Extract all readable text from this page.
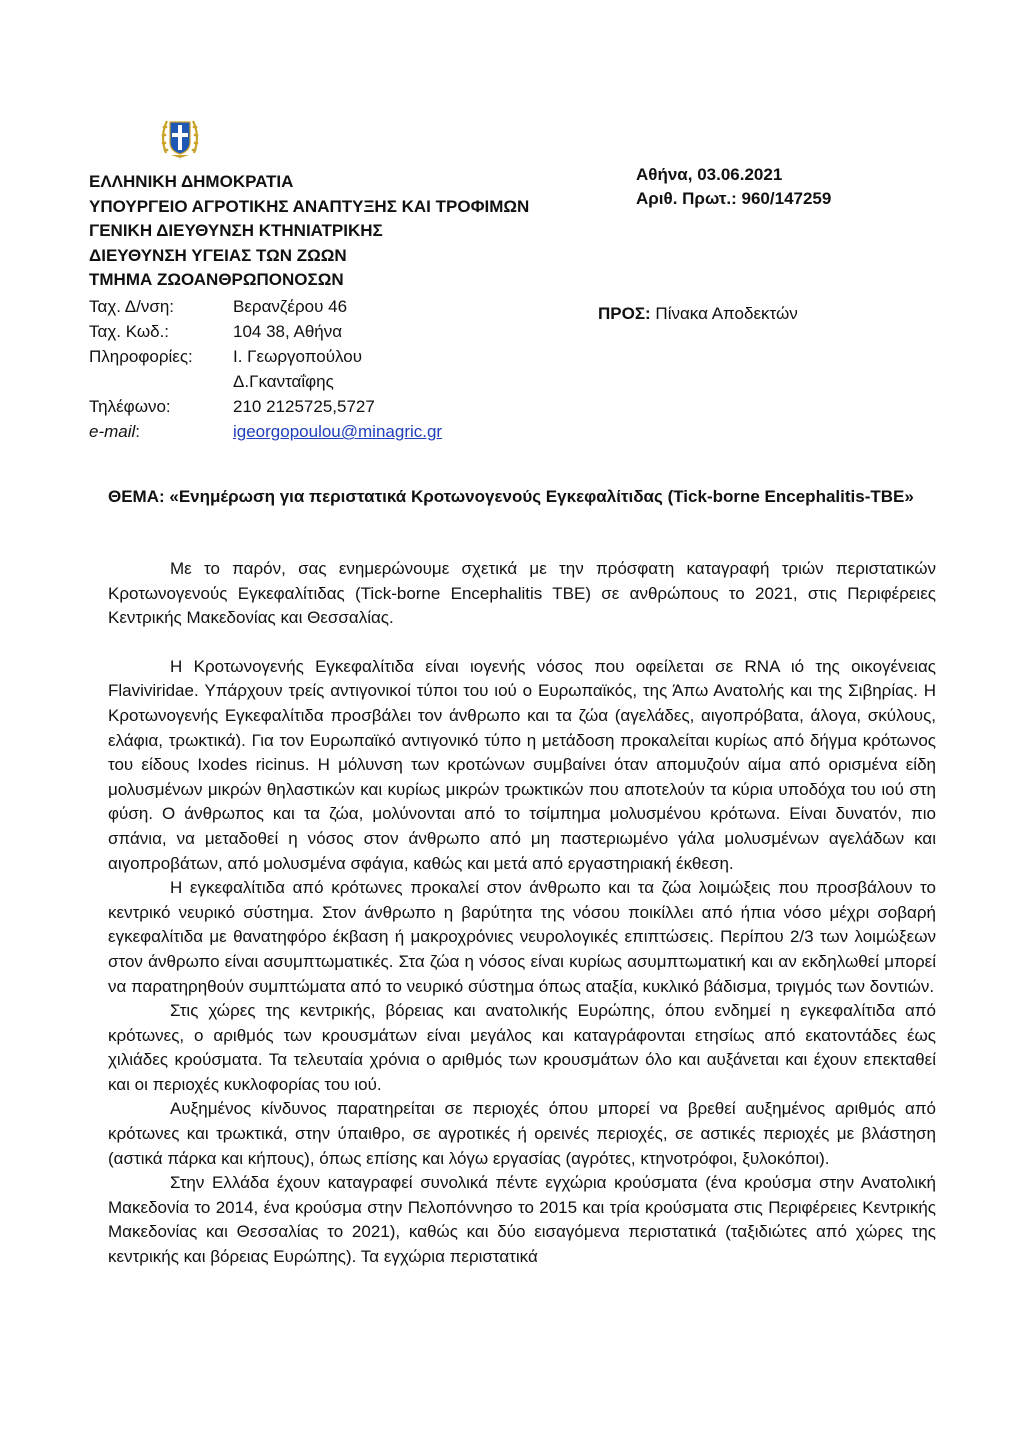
ΕΛΛΗΝΙΚΗ ΔΗΜΟΚΡΑΤΙΑ
ΥΠΟΥΡΓΕΙΟ ΑΓΡΟΤΙΚΗΣ ΑΝΑΠΤΥΞΗΣ ΚΑΙ ΤΡΟΦΙΜΩΝ
ΓΕΝΙΚΗ ΔΙΕΥΘΥΝΣΗ ΚΤΗΝΙΑΤΡΙΚΗΣ
ΔΙΕΥΘΥΝΣΗ ΥΓΕΙΑΣ ΤΩΝ ΖΩΩΝ
ΤΜΗΜΑ ΖΩΟΑΝΘΡΩΠΟΝΟΣΩΝ
Ταχ. Δ/νση:	Βερανζέρου 46
Ταχ. Κωδ.:	104 38, Αθήνα
Πληροφορίες:	Ι. Γεωργοπούλου
Δ.Γκανταΐφης
Τηλέφωνο:	210 2125725,5727
e-mail:	igeorgopoulou@minagric.gr
Αθήνα, 03.06.2021
Αριθ. Πρωτ.: 960/147259
ΠΡΟΣ: Πίνακα Αποδεκτών
ΘΕΜΑ: «Ενημέρωση για περιστατικά Κροτωνογενούς Εγκεφαλίτιδας (Tick-borne Encephalitis-TBE»

Με το παρόν, σας ενημερώνουμε σχετικά με την πρόσφατη καταγραφή τριών περιστατικών Κροτωνογενούς Εγκεφαλίτιδας (Tick-borne Encephalitis TBE) σε ανθρώπους το 2021, στις Περιφέρειες Κεντρικής Μακεδονίας και Θεσσαλίας.

Η Κροτωνογενής Εγκεφαλίτιδα είναι ιογενής νόσος που οφείλεται σε RNA ιό της οικογένειας Flaviviridae. Υπάρχουν τρείς αντιγονικοί τύποι του ιού ο Ευρωπαϊκός, της Άπω Ανατολής και της Σιβηρίας. Η Κροτωνογενής Εγκεφαλίτιδα προσβάλει τον άνθρωπο και τα ζώα (αγελάδες, αιγοπρόβατα, άλογα, σκύλους, ελάφια, τρωκτικά). Για τον Ευρωπαϊκό αντιγονικό τύπο η μετάδοση προκαλείται κυρίως από δήγμα κρότωνος του είδους Ixodes ricinus. Η μόλυνση των κροτώνων συμβαίνει όταν απομυζούν αίμα από ορισμένα είδη μολυσμένων μικρών θηλαστικών και κυρίως μικρών τρωκτικών που αποτελούν τα κύρια υποδόχα του ιού στη φύση. Ο άνθρωπος και τα ζώα, μολύνονται από το τσίμπημα μολυσμένου κρότωνα. Είναι δυνατόν, πιο σπάνια, να μεταδοθεί η νόσος στον άνθρωπο από μη παστεριωμένο γάλα μολυσμένων αγελάδων και αιγοπροβάτων, από μολυσμένα σφάγια, καθώς και μετά από εργαστηριακή έκθεση.

Η εγκεφαλίτιδα από κρότωνες προκαλεί στον άνθρωπο και τα ζώα λοιμώξεις που προσβάλουν το κεντρικό νευρικό σύστημα. Στον άνθρωπο η βαρύτητα της νόσου ποικίλλει από ήπια νόσο μέχρι σοβαρή εγκεφαλίτιδα με θανατηφόρο έκβαση ή μακροχρόνιες νευρολογικές επιπτώσεις. Περίπου 2/3 των λοιμώξεων στον άνθρωπο είναι ασυμπτωματικές. Στα ζώα η νόσος είναι κυρίως ασυμπτωματική και αν εκδηλωθεί μπορεί να παρατηρηθούν συμπτώματα από το νευρικό σύστημα όπως αταξία, κυκλικό βάδισμα, τριγμός των δοντιών.

Στις χώρες της κεντρικής, βόρειας και ανατολικής Ευρώπης, όπου ενδημεί η εγκεφαλίτιδα από κρότωνες, ο αριθμός των κρουσμάτων είναι μεγάλος και καταγράφονται ετησίως από εκατοντάδες έως χιλιάδες κρούσματα. Τα τελευταία χρόνια ο αριθμός των κρουσμάτων όλο και αυξάνεται και έχουν επεκταθεί και οι περιοχές κυκλοφορίας του ιού.

Αυξημένος κίνδυνος παρατηρείται σε περιοχές όπου μπορεί να βρεθεί αυξημένος αριθμός από κρότωνες και τρωκτικά, στην ύπαιθρο, σε αγροτικές ή ορεινές περιοχές, σε αστικές περιοχές με βλάστηση (αστικά πάρκα και κήπους), όπως επίσης και λόγω εργασίας (αγρότες, κτηνοτρόφοι, ξυλοκόποι).

Στην Ελλάδα έχουν καταγραφεί συνολικά πέντε εγχώρια κρούσματα (ένα κρούσμα στην Ανατολική Μακεδονία το 2014, ένα κρούσμα στην Πελοπόννησο το 2015 και τρία κρούσματα στις Περιφέρειες Κεντρικής Μακεδονίας και Θεσσαλίας το 2021), καθώς και δύο εισαγόμενα περιστατικά (ταξιδιώτες από χώρες της κεντρικής και βόρειας Ευρώπης). Τα εγχώρια περιστατικά
